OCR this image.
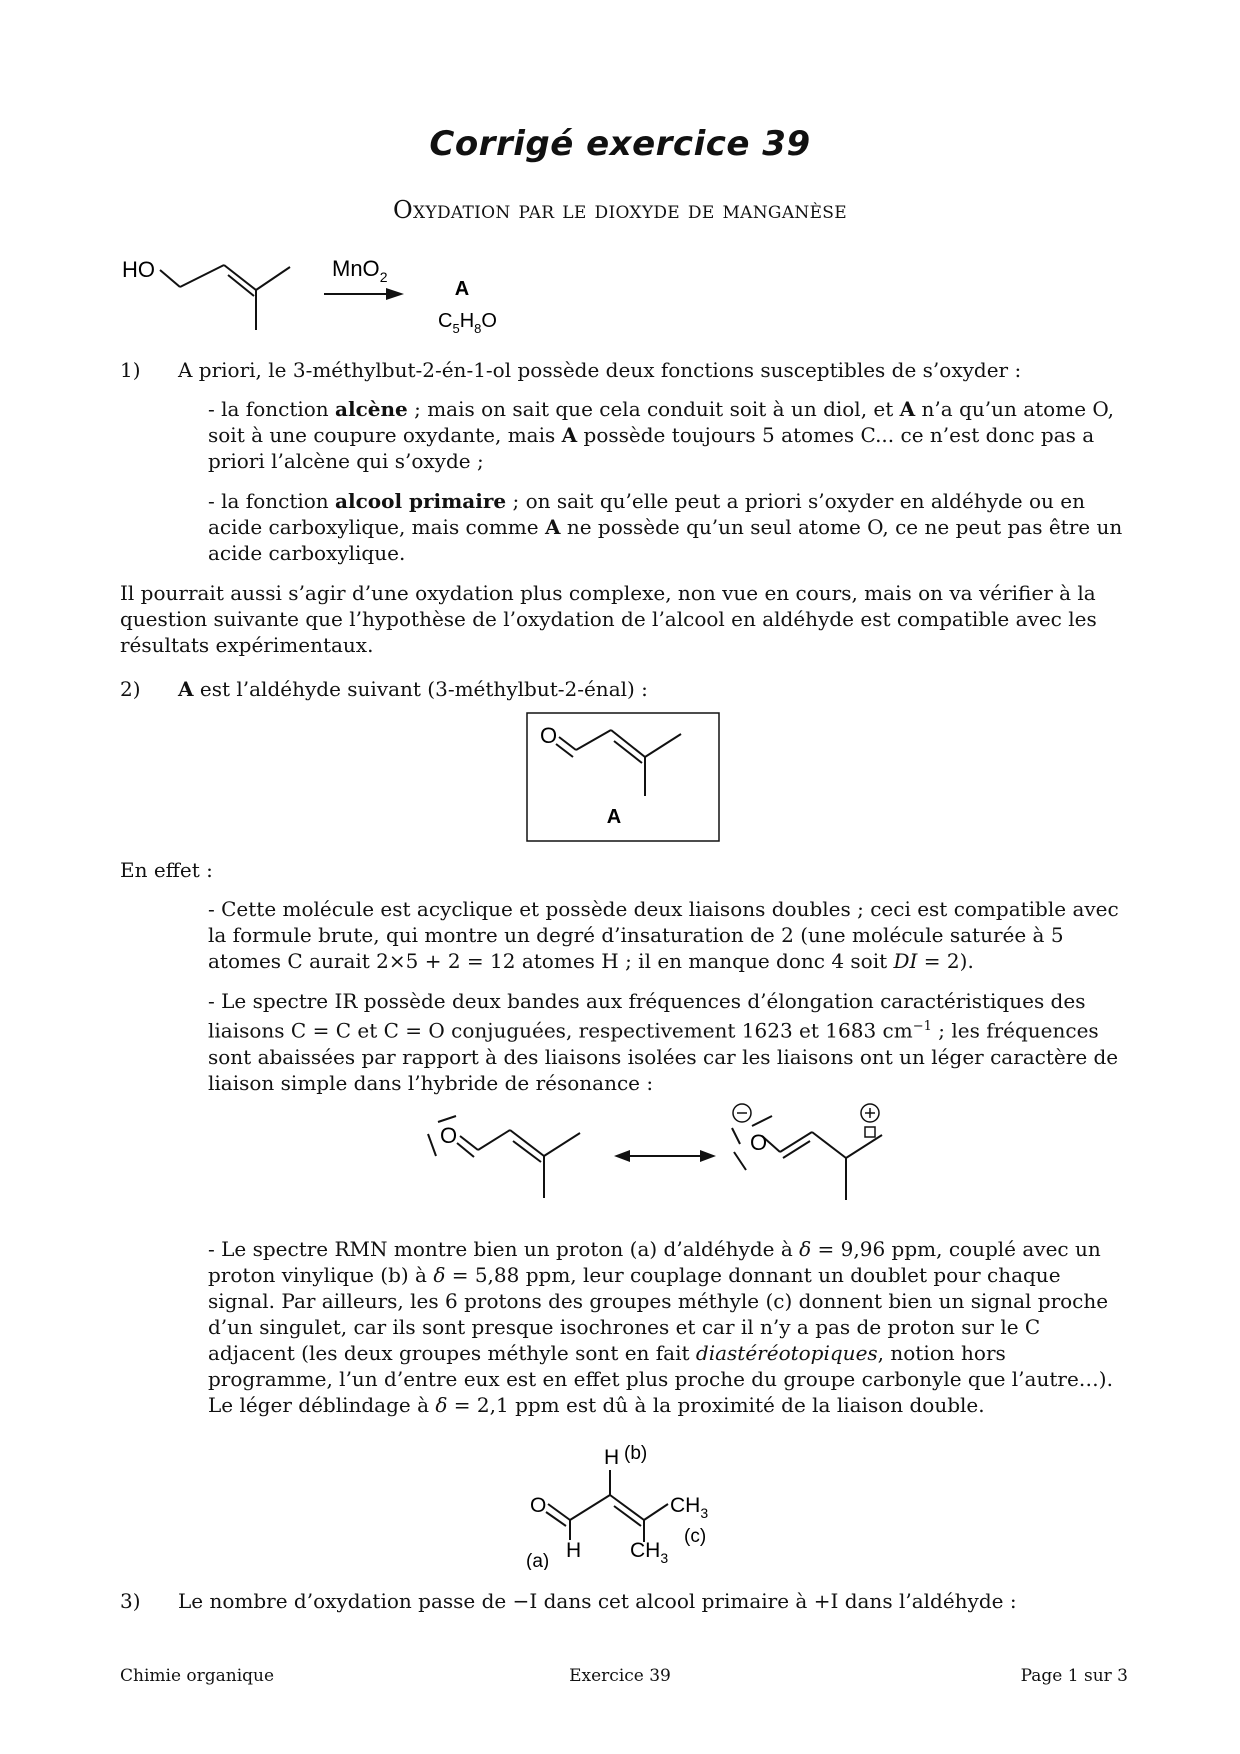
Corrigé exercice 39
Oxydation par le dioxyde de manganèse
HO	MnO$_2$
A
$C_5H_8O$

1) A priori, le 3-méthylbut-2-én-1-ol possède deux fonctions susceptibles de s’oxyder :

- la fonction alcène ; mais on sait que cela conduit soit à un diol, et A n’a qu’un atome O, soit à une coupure oxydante, mais A possède toujours 5 atomes C... ce n’est donc pas a priori l’alcène qui s’oxyde ;

- la fonction alcool primaire ; on sait qu’elle peut a priori s’oxyder en aldéhyde ou en acide carboxylique, mais comme A ne possède qu’un seul atome O, ce ne peut pas être un acide carboxylique.

Il pourrait aussi s’agir d’une oxydation plus complexe, non vue en cours, mais on va vérifier à la question suivante que l’hypothèse de l’oxydation de l’alcool en aldéhyde est compatible avec les résultats expérimentaux.

2) A est l’aldéhyde suivant (3-méthylbut-2-énal) :

O
A

En effet :

- Cette molécule est acyclique et possède deux liaisons doubles ; ceci est compatible avec la formule brute, qui montre un degré d’insaturation de 2 (une molécule saturée à 5 atomes C aurait 2×5 + 2 = 12 atomes H ; il en manque donc 4 soit DI = 2).

- Le spectre IR possède deux bandes aux fréquences d’élongation caractéristiques des liaisons C = C et C = O conjuguées, respectivement 1623 et 1683 $cm^{-1}$ ; les fréquences sont abaissées par rapport à des liaisons isolées car les liaisons ont un léger caractère de liaison simple dans l’hybride de résonance :

O	O

- Le spectre RMN montre bien un proton (a) d’aldéhyde à δ = 9,96 ppm, couplé avec un proton vinylique (b) à δ = 5,88 ppm, leur couplage donnant un doublet pour chaque signal. Par ailleurs, les 6 protons des groupes méthyle (c) donnent bien un signal proche d’un singulet, car ils sont presque isochrones et car il n’y a pas de proton sur le C adjacent (les deux groupes méthyle sont en fait diastéréotopiques, notion hors programme, l’un d’entre eux est en effet plus proche du groupe carbonyle que l’autre…). Le léger déblindage à δ = 2,1 ppm est dû à la proximité de la liaison double.

O
H (b)
$CH_3$
(c)
H
(a)	$CH_3$

3) Le nombre d’oxydation passe de −I dans cet alcool primaire à +I dans l’aldéhyde :

Chimie organique	Exercice 39	Page 1 sur 3
